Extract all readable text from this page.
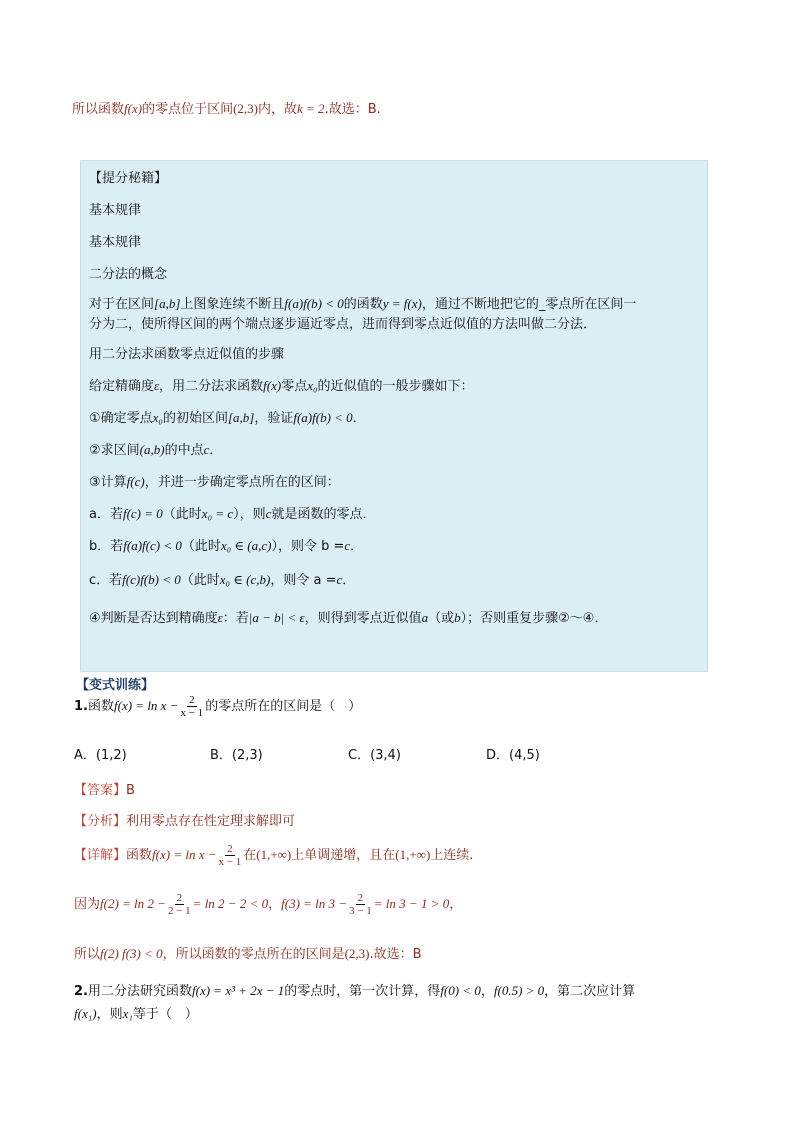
所以函数f(x)的零点位于区间(2,3)内，故k = 2.故选：B.
【提分秘籍】
基本规律
基本规律
二分法的概念
对于在区间[a,b]上图象连续不断且f(a)f(b) < 0的函数y = f(x)，通过不断地把它的_零点所在区间一
分为二，使所得区间的两个端点逐步逼近零点，进而得到零点近似值的方法叫做二分法．
用二分法求函数零点近似值的步骤
给定精确度ε，用二分法求函数f(x)零点x₀的近似值的一般步骤如下：
①确定零点x₀的初始区间[a,b]，验证f(a)f(b) < 0．
②求区间(a,b)的中点c．
③计算f(c)，并进一步确定零点所在的区间：
a．若f(c) = 0（此时x₀ = c），则c就是函数的零点．
b．若f(a)f(c) < 0（此时x₀ ∈ (a,c)），则令 b =c．
c．若f(c)f(b) < 0（此时x₀ ∈ (c,b)，则令 a =c．
④判断是否达到精确度ε：若|a − b| < ε，则得到零点近似值a（或b）；否则重复步骤②～④．
【变式训练】
1.函数$f(x) = \ln x - \frac{2}{x - 1}$ 的零点所在的区间是（　）
A．(1,2)	B．(2,3)	C．(3,4)	D．(4,5)
【答案】B
【分析】利用零点存在性定理求解即可
【详解】函数$f(x) = \ln x - \frac{2}{x - 1}$ 在(1,+∞)上单调递增，且在(1,+∞)上连续.
因为$f(2) = \ln 2 - \frac{2}{2 - 1} = \ln 2 - 2 < 0$，$f(3) = \ln 3 - \frac{2}{3 - 1} = \ln 3 - 1 > 0$，
所以f(2) f(3) < 0，所以函数的零点所在的区间是(2,3).故选：B
2.用二分法研究函数f(x) = x³ + 2x − 1的零点时，第一次计算，得f(0) < 0，f(0.5) > 0，第二次应计算
f(x₁)，则x₁等于（　）
